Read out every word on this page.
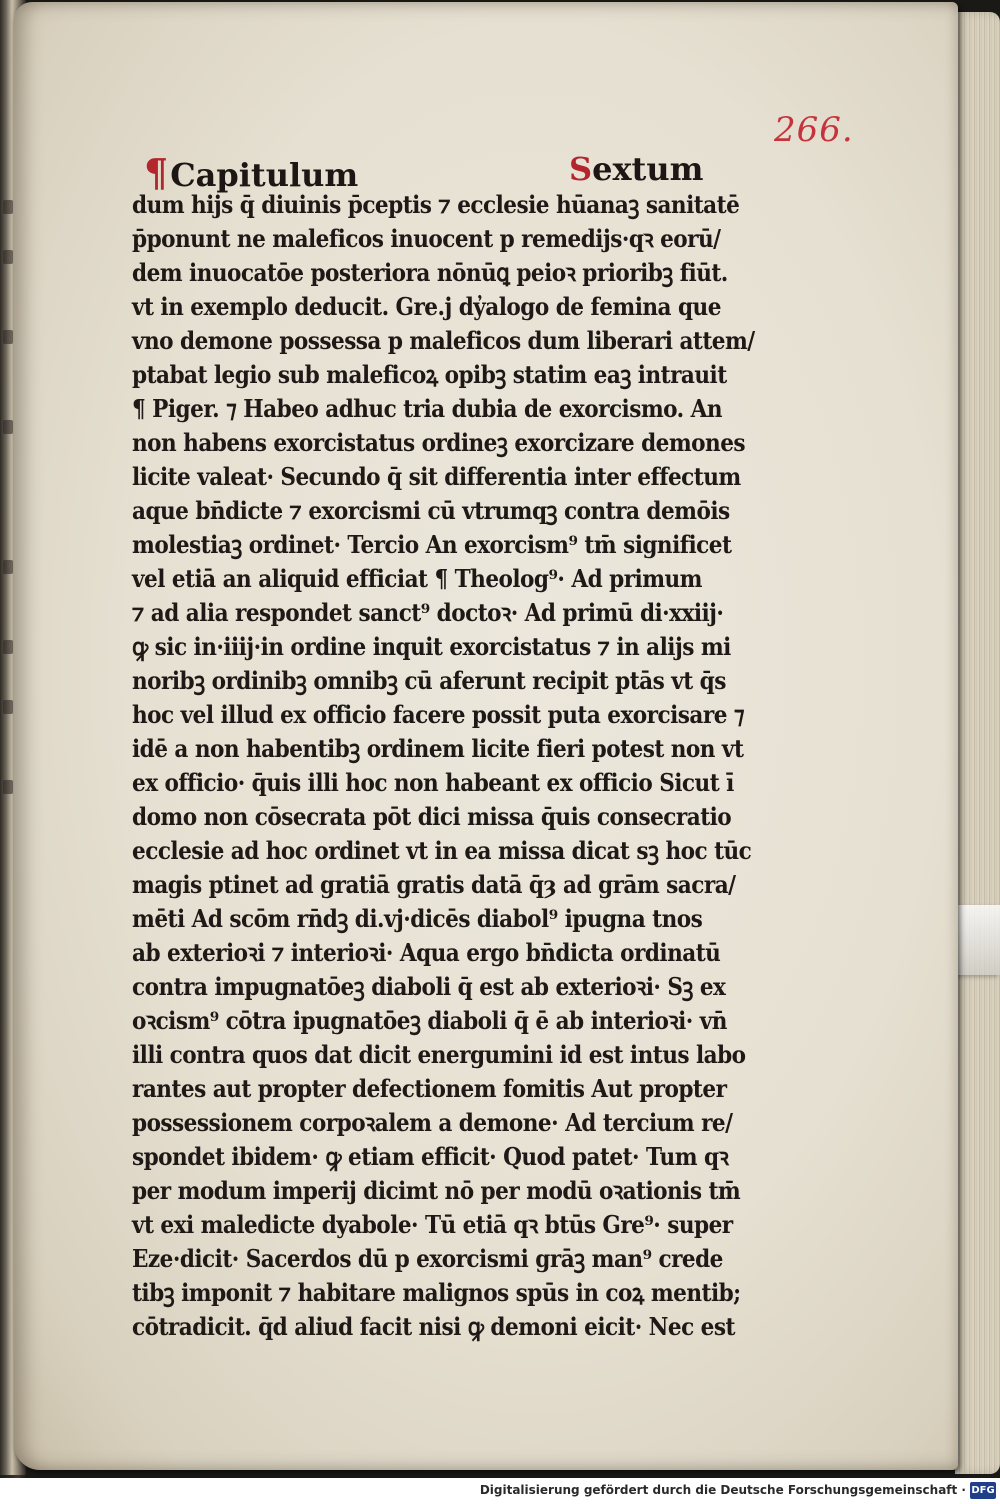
266.
¶Capitulum	Sextum
dum hijs q̄ diuinis p̄ceptis ⁊ ecclesie hūanaꝫ sanitatē
p̄ponunt ne maleficos inuocent p remedijs·qꝛ eorū/
dem inuocatōe posteriora nōnūꝗ peioꝛ prioribꝫ fiūt.
vt in exemplo deducit. Gre.j dy̓alogo de femina que
vno demone possessa p maleficos dum liberari attem/
ptabat legio sub maleficoꝝ opibꝫ statim eaꝫ intrauit
¶ Piger. ⁊ Habeo adhuc tria dubia de exorcismo. An
non habens exorcistatus ordineꝫ exorcizare demones
licite valeat· Secundo q̄ sit differentia inter effectum
aque bn̄dicte ⁊ exorcismi cū vtrumqꝫ contra demōis
molestiaꝫ ordinet· Tercio An exorcism⁹ tm̄ significet
vel etiā an aliquid efficiat ¶ Theolog⁹· Ad primum
⁊ ad alia respondet sanct⁹ doctoꝛ· Ad primū di·xxiij·
ꝙ sic in·iiij·in ordine inquit exorcistatus ⁊ in alijs mi
noribꝫ ordinibꝫ omnibꝫ cū aferunt recipit ptās vt q̄s
hoc vel illud ex officio facere possit puta exorcisare ⁊
idē a non habentibꝫ ordinem licite fieri potest non vt
ex officio· q̄uis illi hoc non habeant ex officio Sicut ī
domo non cōsecrata pōt dici missa q̄uis consecratio
ecclesie ad hoc ordinet vt in ea missa dicat sꝫ hoc tūc
magis ptinet ad gratiā gratis datā q̄ȝ ad grām sacra/
mēti Ad scōm rn̄dꝫ di.vj·dicēs diabol⁹ ipugna tnos
ab exterioꝛi ⁊ interioꝛi· Aqua ergo bn̄dicta ordinatū
contra impugnatōeꝫ diaboli q̄ est ab exterioꝛi· Sꝫ ex
oꝛcism⁹ cōtra ipugnatōeꝫ diaboli q̄ ē ab interioꝛi· vn̄
illi contra quos dat dicit energumini id est intus labo
rantes aut propter defectionem fomitis Aut propter
possessionem corpoꝛalem a demone· Ad tercium re/
spondet ibidem· ꝙ etiam efficit· Quod patet· Tum qꝛ
per modum imperij dicimt nō per modū oꝛationis tm̄
vt exi maledicte dyabole· Tū etiā qꝛ btūs Gre⁹· super
Eze·dicit· Sacerdos dū p exorcismi grāꝫ man⁹ crede
tibꝫ imponit ⁊ habitare malignos spūs in coꝝ mentib;
cōtradicit. q̄d aliud facit nisi ꝙ demoni eicit· Nec est
Digitalisierung gefördert durch die Deutsche Forschungsgemeinschaft · DFG
